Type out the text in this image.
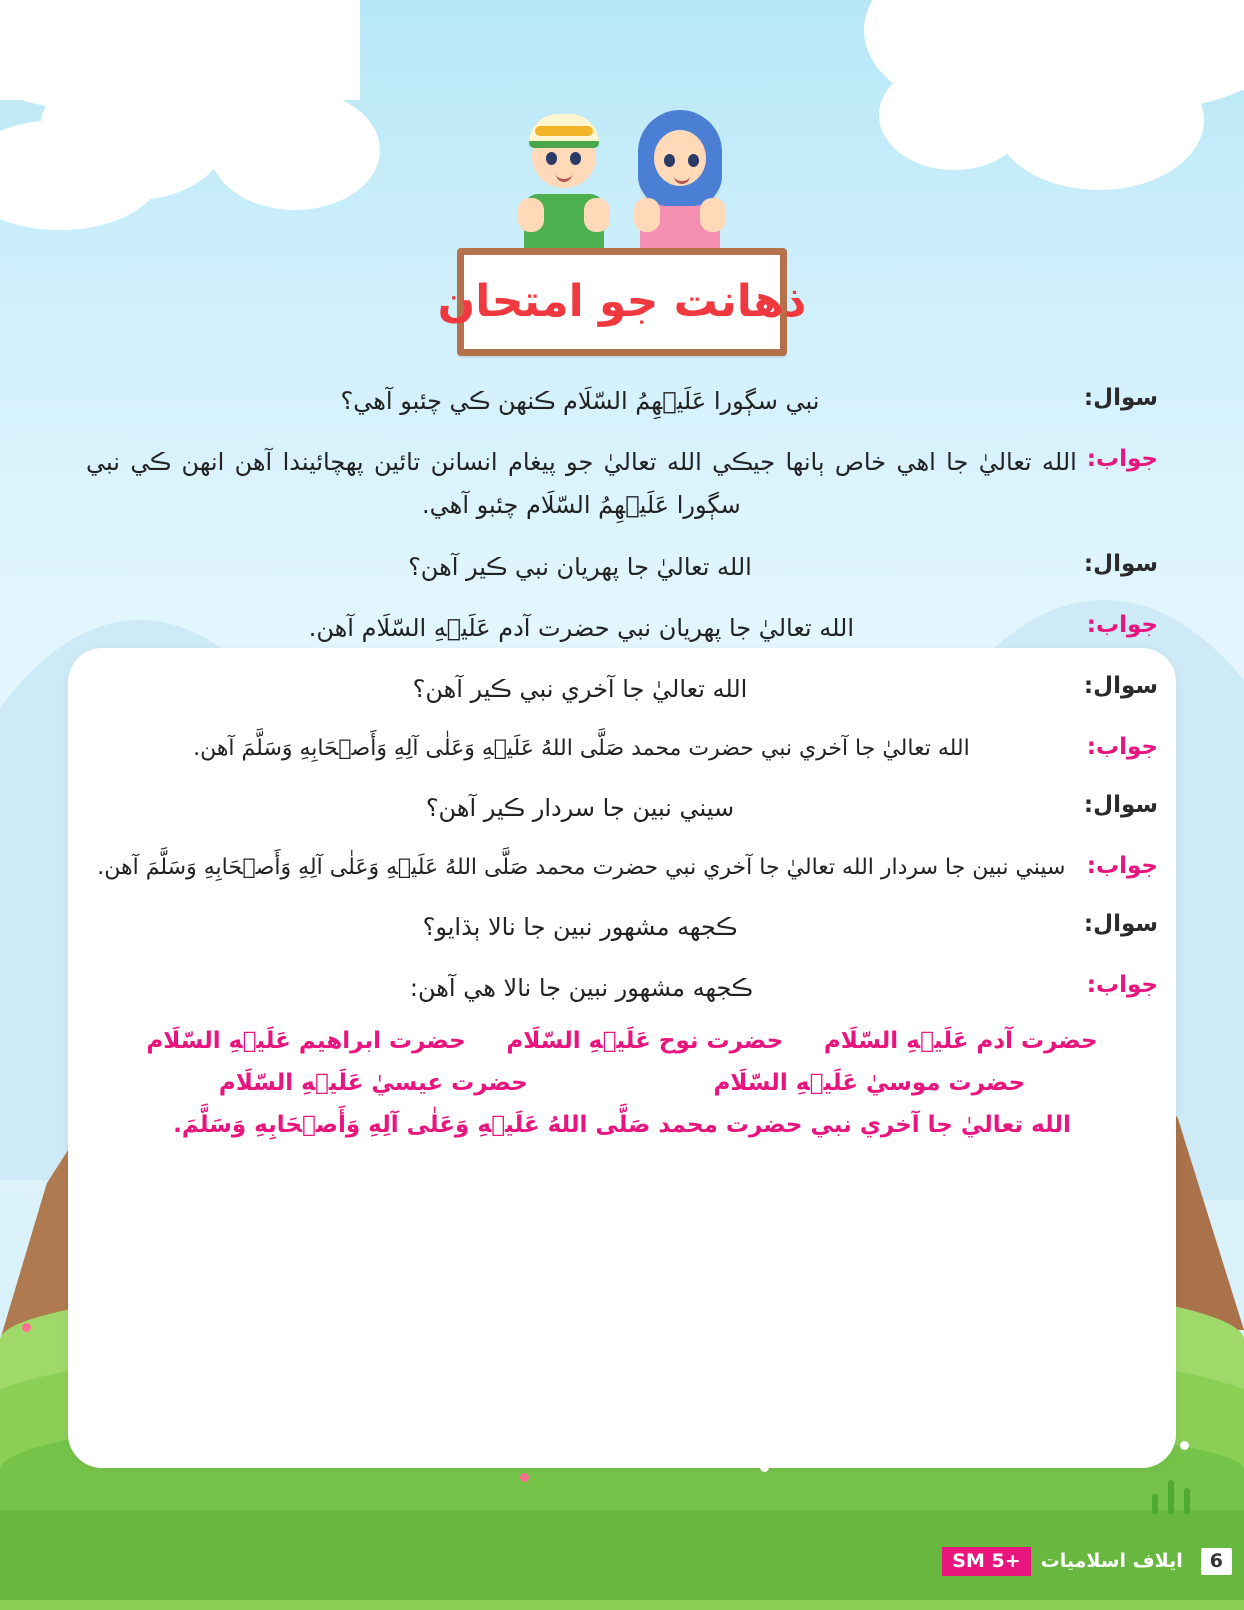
ذهانت جو امتحان
سوال:
نبي سڳورا عَلَيۡهِمُ السّلَام ڪنهن ڪي چئبو آهي؟
جواب:
الله تعاليٰ جا اهي خاص ٻانها جيڪي الله تعاليٰ جو پيغام انسانن تائين پهچائيندا آهن انهن ڪي نبي سڳورا عَلَيۡهِمُ السّلَام چئبو آهي.
سوال:
الله تعاليٰ جا پهريان نبي ڪير آهن؟
جواب:
الله تعاليٰ جا پهريان نبي حضرت آدم عَلَيۡهِ السّلَام آهن.
سوال:
الله تعاليٰ جا آخري نبي ڪير آهن؟
جواب:
الله تعاليٰ جا آخري نبي حضرت محمد صَلَّى اللهُ عَلَيۡهِ وَعَلٰى آلِهِ وَأَصۡحَابِهِ وَسَلَّمَ آهن.
سوال:
سيني نبين جا سردار ڪير آهن؟
جواب:
سيني نبين جا سردار الله تعاليٰ جا آخري نبي حضرت محمد صَلَّى اللهُ عَلَيۡهِ وَعَلٰى آلِهِ وَأَصۡحَابِهِ وَسَلَّمَ آهن.
سوال:
ڪجهه مشهور نبين جا نالا ٻڌايو؟
جواب:
ڪجهه مشهور نبين جا نالا هي آهن:
حضرت آدم عَلَيۡهِ السّلَام
حضرت نوح عَلَيۡهِ السّلَام
حضرت ابراهيم عَلَيۡهِ السّلَام
حضرت موسيٰ عَلَيۡهِ السّلَام
حضرت عيسيٰ عَلَيۡهِ السّلَام
الله تعاليٰ جا آخري نبي حضرت محمد صَلَّى اللهُ عَلَيۡهِ وَعَلٰى آلِهِ وَأَصۡحَابِهِ وَسَلَّمَ.
6
ايلاف اسلاميات
SM 5+
